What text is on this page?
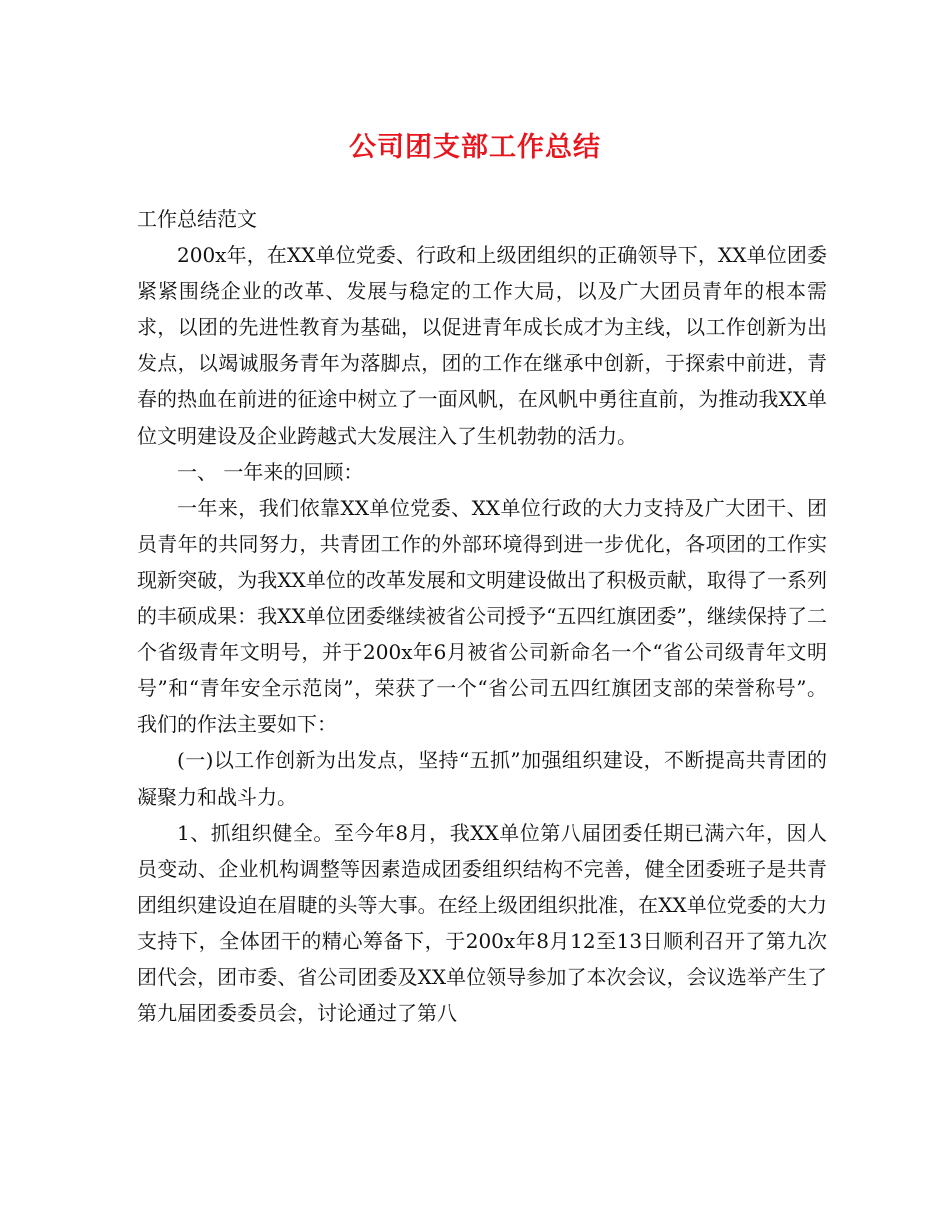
公司团支部工作总结

工作总结范文

200x年，在XX单位党委、行政和上级团组织的正确领导下，XX单位团委紧紧围绕企业的改革、发展与稳定的工作大局，以及广大团员青年的根本需求，以团的先进性教育为基础，以促进青年成长成才为主线，以工作创新为出发点，以竭诚服务青年为落脚点，团的工作在继承中创新，于探索中前进，青春的热血在前进的征途中树立了一面风帆，在风帆中勇往直前，为推动我XX单位文明建设及企业跨越式大发展注入了生机勃勃的活力。

一、 一年来的回顾：

一年来，我们依靠XX单位党委、XX单位行政的大力支持及广大团干、团员青年的共同努力，共青团工作的外部环境得到进一步优化，各项团的工作实现新突破，为我XX单位的改革发展和文明建设做出了积极贡献，取得了一系列的丰硕成果：我XX单位团委继续被省公司授予“五四红旗团委”，继续保持了二个省级青年文明号，并于200x年6月被省公司新命名一个“省公司级青年文明号”和“青年安全示范岗”，荣获了一个“省公司五四红旗团支部的荣誉称号”。我们的作法主要如下：

(一)以工作创新为出发点，坚持“五抓”加强组织建设，不断提高共青团的凝聚力和战斗力。

1、抓组织健全。至今年8月，我XX单位第八届团委任期已满六年，因人员变动、企业机构调整等因素造成团委组织结构不完善，健全团委班子是共青团组织建设迫在眉睫的头等大事。在经上级团组织批准，在XX单位党委的大力支持下，全体团干的精心筹备下，于200x年8月12至13日顺利召开了第九次团代会，团市委、省公司团委及XX单位领导参加了本次会议，会议选举产生了第九届团委委员会，讨论通过了第八
